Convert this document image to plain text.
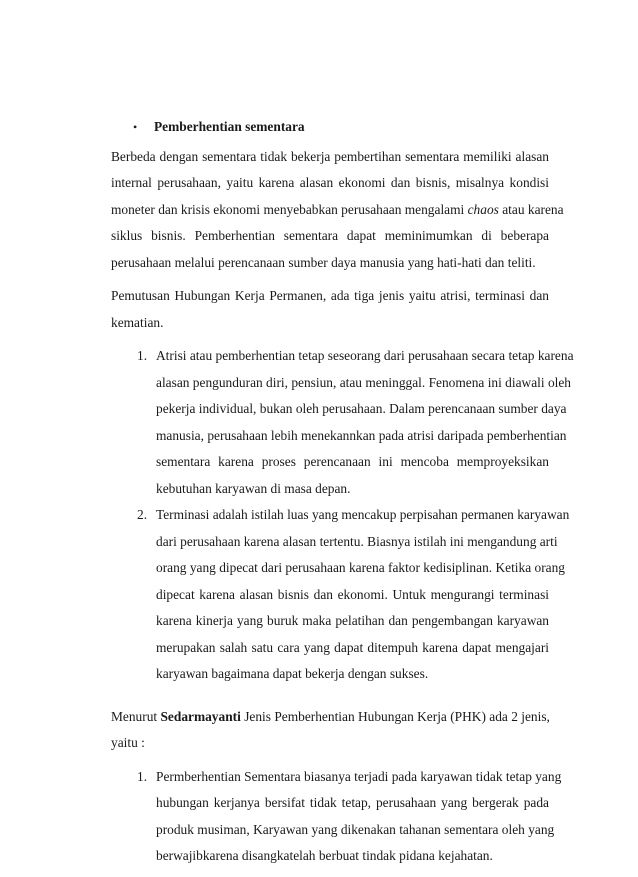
• Pemberhentian sementara
Berbeda dengan sementara tidak bekerja pembertihan sementara memiliki alasan
internal perusahaan, yaitu karena alasan ekonomi dan bisnis, misalnya kondisi
moneter dan krisis ekonomi menyebabkan perusahaan mengalami chaos atau karena
siklus bisnis. Pemberhentian sementara dapat meminimumkan di beberapa
perusahaan melalui perencanaan sumber daya manusia yang hati-hati dan teliti.
Pemutusan Hubungan Kerja Permanen, ada tiga jenis yaitu atrisi, terminasi dan
kematian.
1. Atrisi atau pemberhentian tetap seseorang dari perusahaan secara tetap karena
alasan pengunduran diri, pensiun, atau meninggal. Fenomena ini diawali oleh
pekerja individual, bukan oleh perusahaan. Dalam perencanaan sumber daya
manusia, perusahaan lebih menekannkan pada atrisi daripada pemberhentian
sementara karena proses perencanaan ini mencoba memproyeksikan
kebutuhan karyawan di masa depan.
2. Terminasi adalah istilah luas yang mencakup perpisahan permanen karyawan
dari perusahaan karena alasan tertentu. Biasnya istilah ini mengandung arti
orang yang dipecat dari perusahaan karena faktor kedisiplinan. Ketika orang
dipecat karena alasan bisnis dan ekonomi. Untuk mengurangi terminasi
karena kinerja yang buruk maka pelatihan dan pengembangan karyawan
merupakan salah satu cara yang dapat ditempuh karena dapat mengajari
karyawan bagaimana dapat bekerja dengan sukses.
Menurut Sedarmayanti Jenis Pemberhentian Hubungan Kerja (PHK) ada 2 jenis,
yaitu :
1. Permberhentian Sementara biasanya terjadi pada karyawan tidak tetap yang
hubungan kerjanya bersifat tidak tetap, perusahaan yang bergerak pada
produk musiman, Karyawan yang dikenakan tahanan sementara oleh yang
berwajibkarena disangkatelah berbuat tindak pidana kejahatan.
